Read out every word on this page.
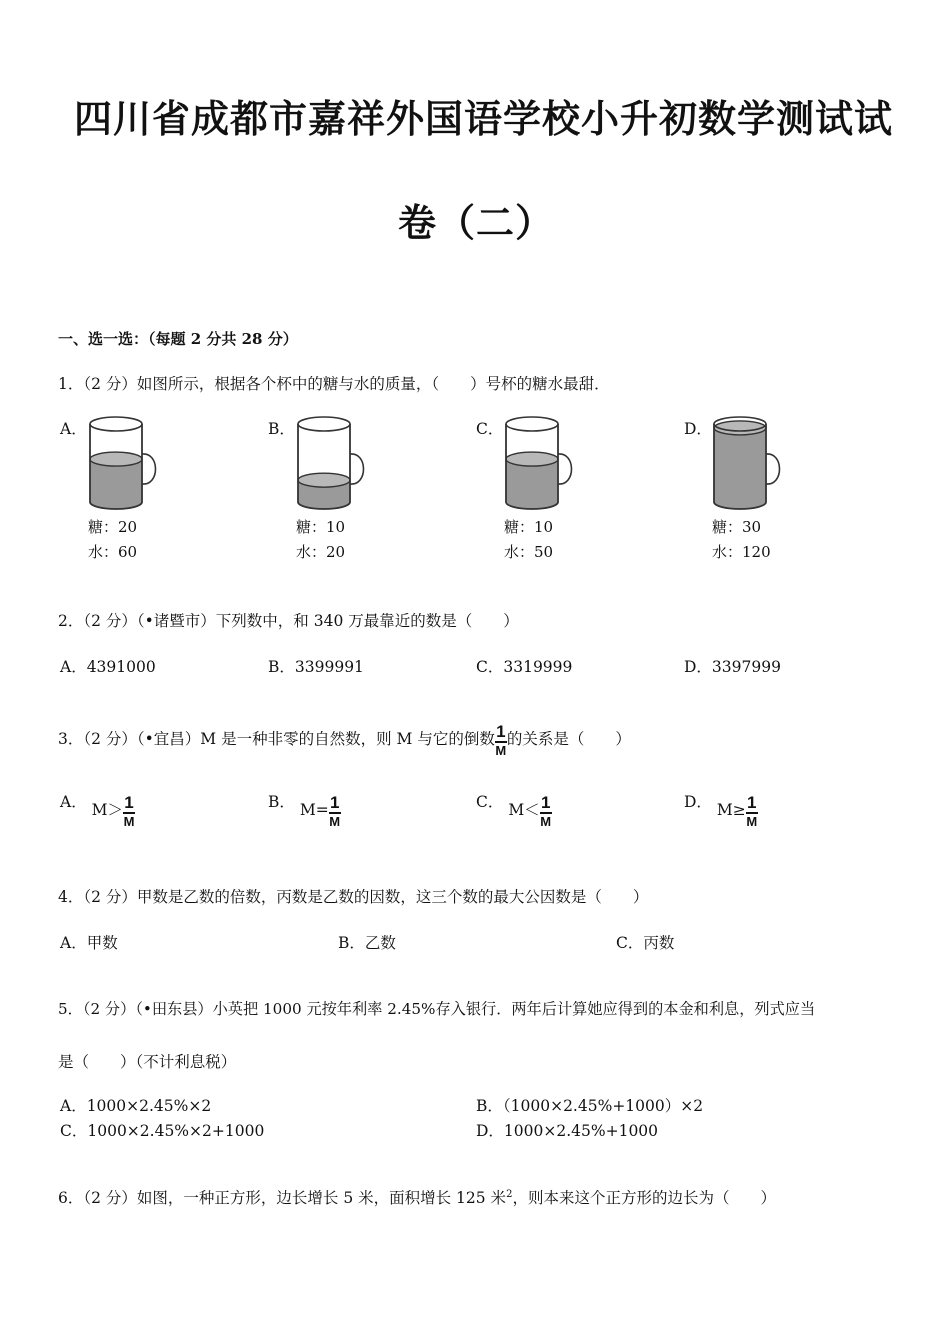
四川省成都市嘉祥外国语学校小升初数学测试试
卷（二）
一、选一选：（每题 2 分共 28 分）
1．（2 分）如图所示，根据各个杯中的糖与水的质量，（　　）号杯的糖水最甜．
A．	B．	C．	D．
糖：20
水：60
糖：10
水：20
糖：10
水：50
糖：30
水：120
2．（2 分）（•诸暨市）下列数中，和 340 万最靠近的数是（　　）
A．4391000	B．3399991	C．3319999	D．3397999
3．（2 分）（•宜昌）M 是一种非零的自然数，则 M 与它的倒数 $\frac{1}{M}$ 的关系是（　　）
A． $M> \frac{1}{M}$	B． $M= \frac{1}{M}$	C． $M< \frac{1}{M}$	D． $M\ge \frac{1}{M}$
4．（2 分）甲数是乙数的倍数，丙数是乙数的因数，这三个数的最大公因数是（　　）
A．甲数	B．乙数	C．丙数
5．（2 分）（•田东县）小英把 1000 元按年利率 2.45%存入银行．两年后计算她应得到的本金和利息，列式应当
是（　　）（不计利息税）
A．1000×2.45%×2	B．（1000×2.45%+1000）×2
C．1000×2.45%×2+1000	D．1000×2.45%+1000
6．（2 分）如图，一种正方形，边长增长 5 米，面积增长 125 米$^2$，则本来这个正方形的边长为（　　）
